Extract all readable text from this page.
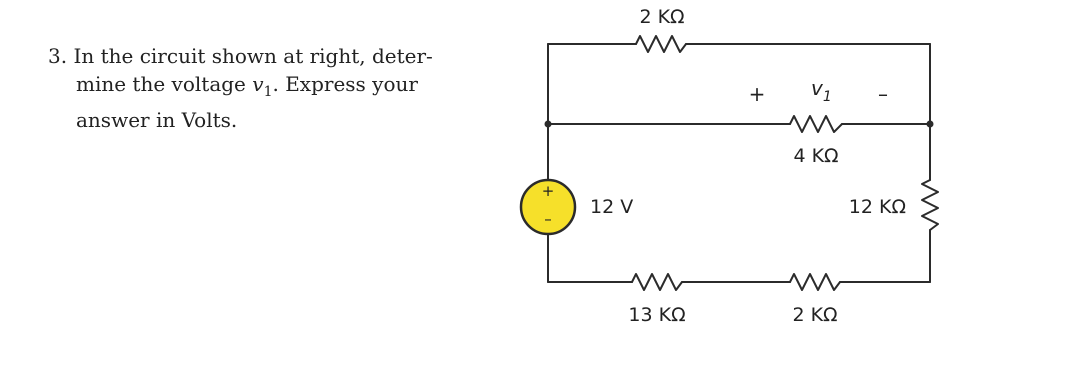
3. In the circuit shown at right, deter-
mine the voltage $v_1$. Express your
answer in Volts.
+
–
2 KΩ
4 KΩ
12 KΩ
13 KΩ	2 KΩ
12 V
+	–
$v_1$
